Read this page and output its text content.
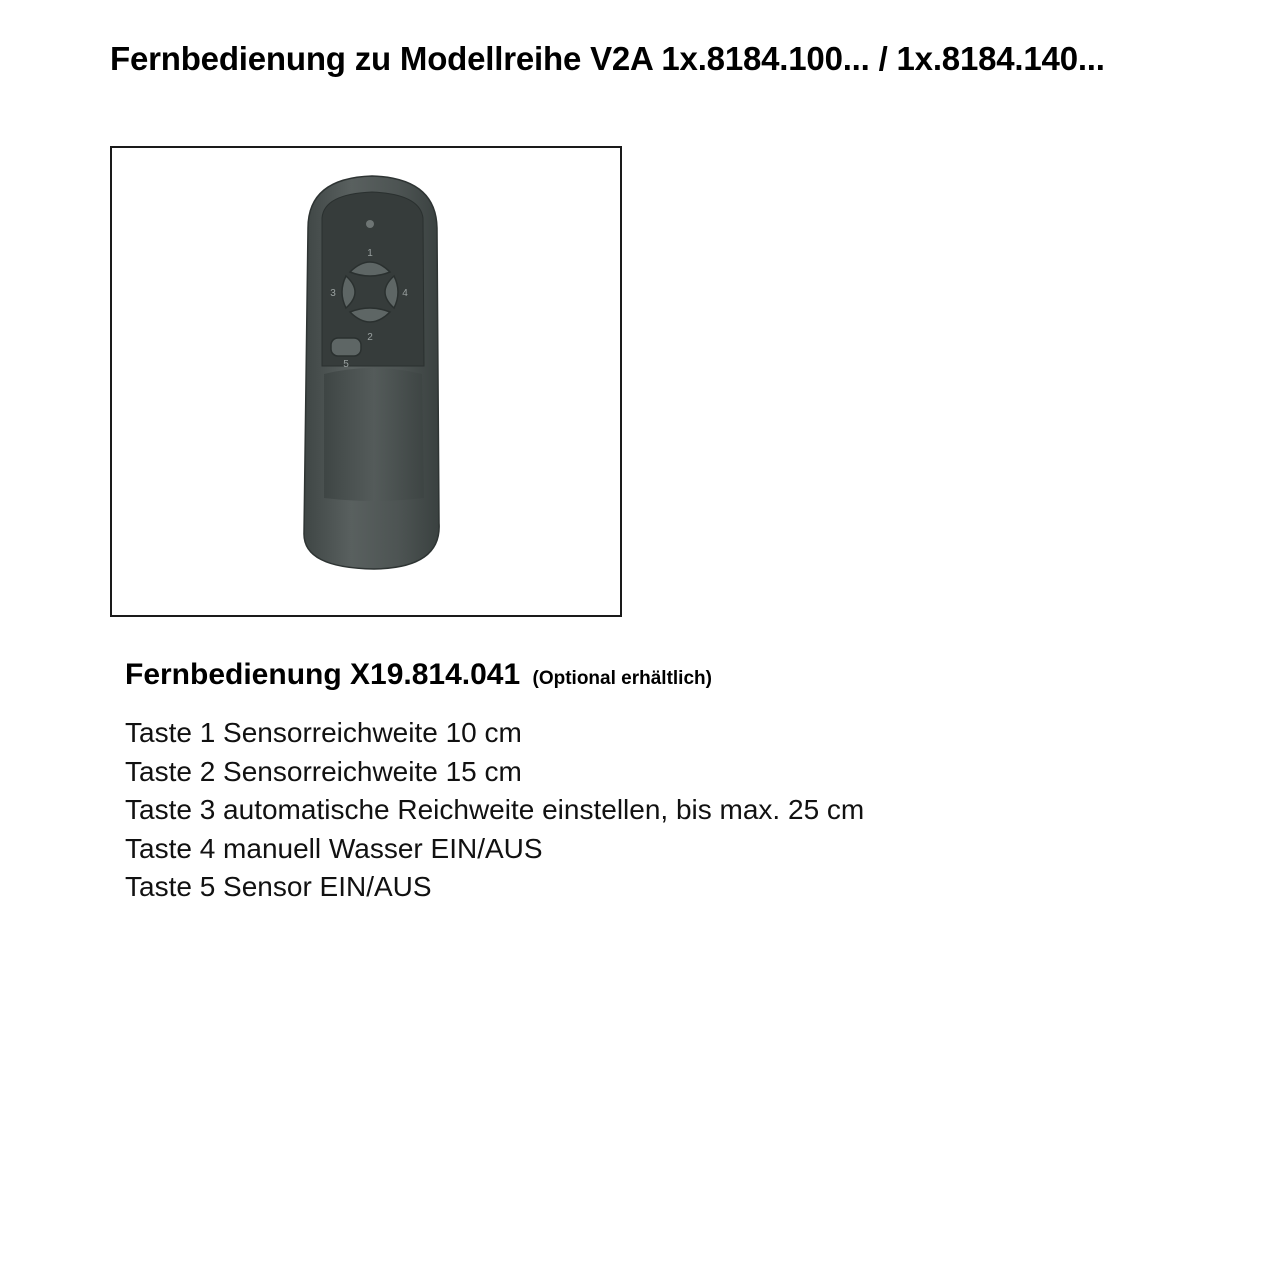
Fernbedienung zu Modellreihe V2A 1x.8184.100... / 1x.8184.140...
1
2
3	4
5
Fernbedienung X19.814.041 (Optional erhältlich)
Taste 1 Sensorreichweite 10 cm
Taste 2 Sensorreichweite 15 cm
Taste 3 automatische Reichweite einstellen, bis max. 25 cm
Taste 4 manuell Wasser EIN/AUS
Taste 5 Sensor EIN/AUS
